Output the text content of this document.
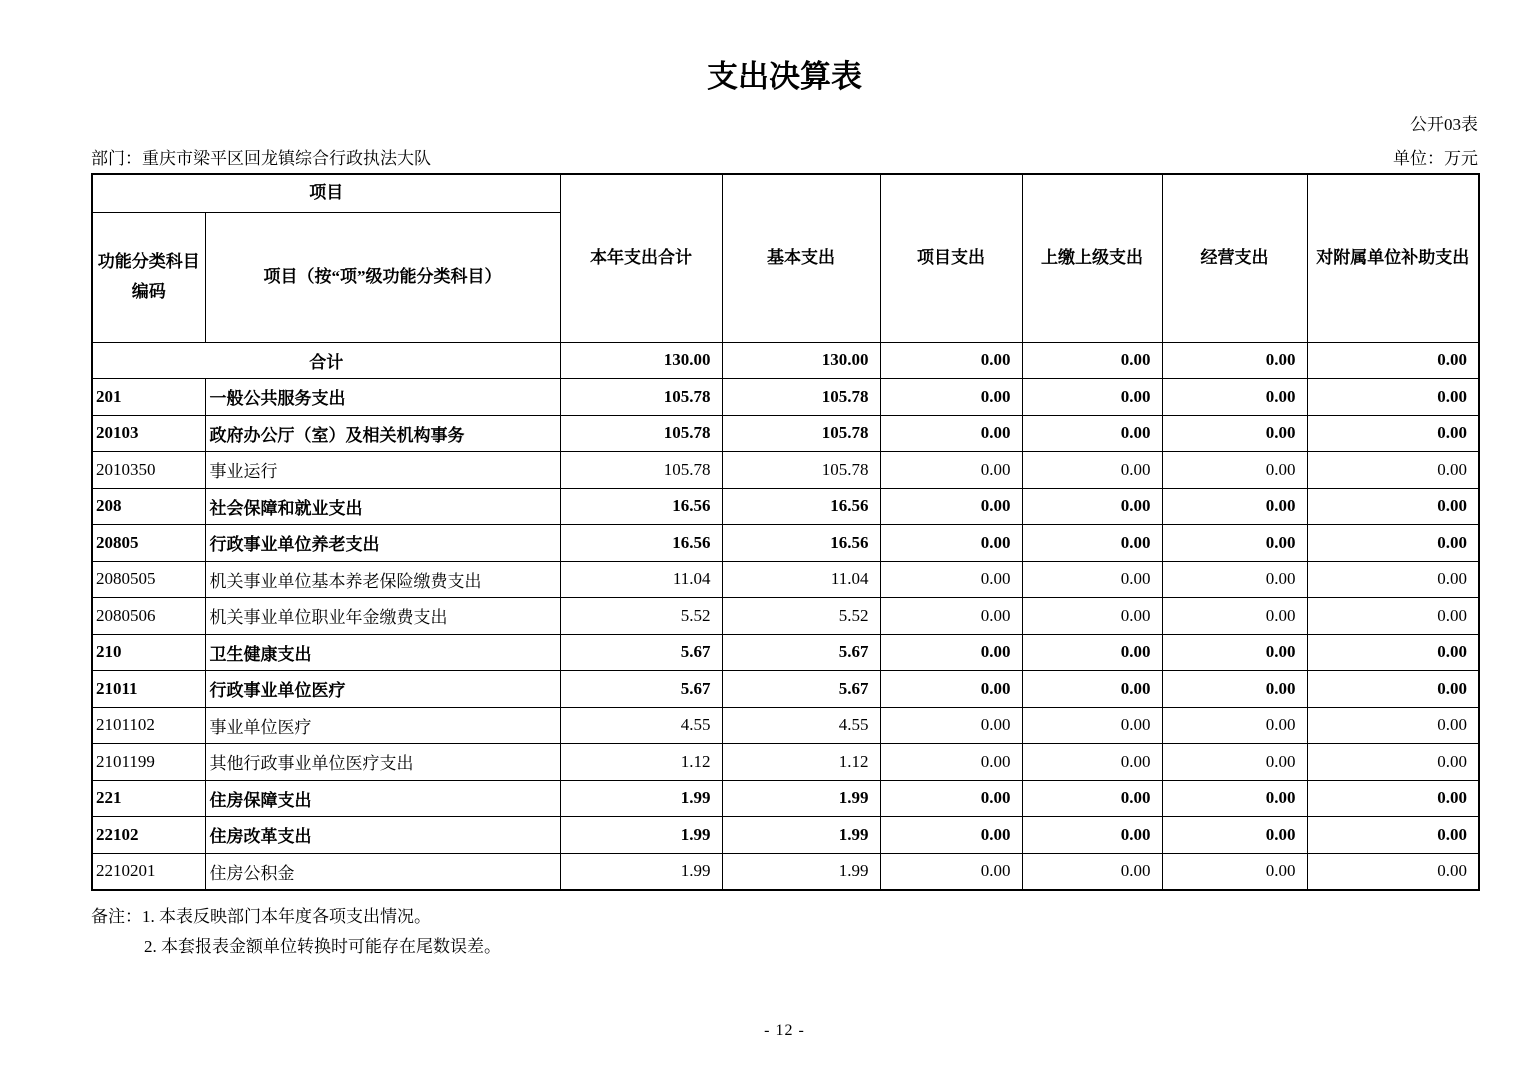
支出决算表
公开03表
部门：重庆市梁平区回龙镇综合行政执法大队	单位：万元
项目		本年支出合计	基本支出	项目支出	上缴上级支出	经营支出	对附属单位补助支出
功能分类科目编码	项目（按“项”级功能分类科目）						
合计		130.00	130.00	0.00	0.00	0.00	0.00
201	一般公共服务支出	105.78	105.78	0.00	0.00	0.00	0.00
20103	政府办公厅（室）及相关机构事务	105.78	105.78	0.00	0.00	0.00	0.00
2010350	事业运行	105.78	105.78	0.00	0.00	0.00	0.00
208	社会保障和就业支出	16.56	16.56	0.00	0.00	0.00	0.00
20805	行政事业单位养老支出	16.56	16.56	0.00	0.00	0.00	0.00
2080505	机关事业单位基本养老保险缴费支出	11.04	11.04	0.00	0.00	0.00	0.00
2080506	机关事业单位职业年金缴费支出	5.52	5.52	0.00	0.00	0.00	0.00
210	卫生健康支出	5.67	5.67	0.00	0.00	0.00	0.00
21011	行政事业单位医疗	5.67	5.67	0.00	0.00	0.00	0.00
2101102	事业单位医疗	4.55	4.55	0.00	0.00	0.00	0.00
2101199	其他行政事业单位医疗支出	1.12	1.12	0.00	0.00	0.00	0.00
221	住房保障支出	1.99	1.99	0.00	0.00	0.00	0.00
22102	住房改革支出	1.99	1.99	0.00	0.00	0.00	0.00
2210201	住房公积金	1.99	1.99	0.00	0.00	0.00	0.00
备注：1. 本表反映部门本年度各项支出情况。
2. 本套报表金额单位转换时可能存在尾数误差。
- 12 -
